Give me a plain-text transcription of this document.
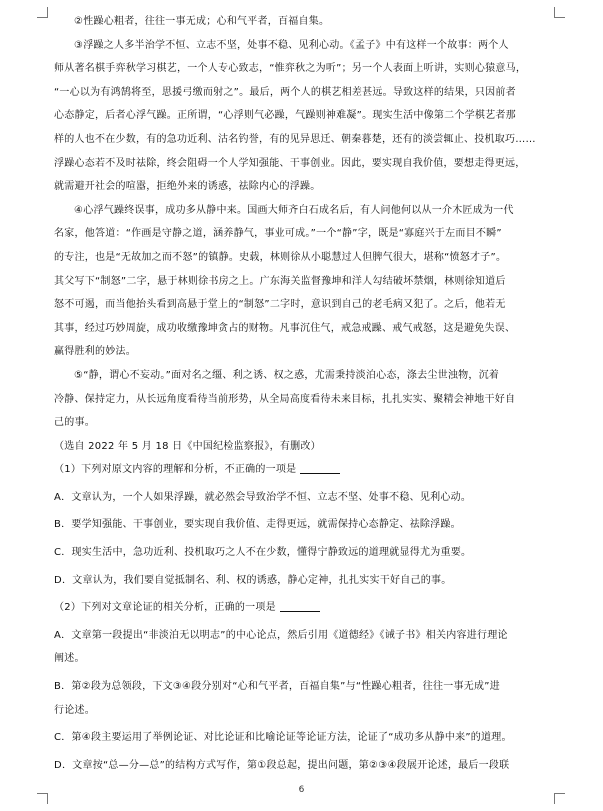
②性躁心粗者，往往一事无成；心和气平者，百福自集。
③浮躁之人多半治学不恒、立志不坚，处事不稳、见利心动。《孟子》中有这样一个故事：两个人
师从著名棋手弈秋学习棋艺，一个人专心致志，“惟弈秋之为听”；另一个人表面上听讲，实则心猿意马，
“一心以为有鸿鹄将至，思援弓缴而射之”。最后，两个人的棋艺相差甚远。导致这样的结果，只因前者
心态静定，后者心浮气躁。正所谓，“心浮则气必躁，气躁则神难凝”。现实生活中像第二个学棋艺者那
样的人也不在少数，有的急功近利、沽名钓誉，有的见异思迁、朝秦暮楚，还有的淡尝辄止、投机取巧……
浮躁心态若不及时祛除，终会阻碍一个人学知强能、干事创业。因此，要实现自我价值，要想走得更远，
就需避开社会的喧嚣，拒绝外来的诱惑，祛除内心的浮躁。
④心浮气躁终误事，成功多从静中来。国画大师齐白石成名后，有人问他何以从一介木匠成为一代
名家，他答道：“作画是守静之道，涵养静气，事业可成。”一个“静”字，既是“寡庭兴于左而目不瞬”
的专注，也是“无故加之而不怒”的镇静。史载，林则徐从小聪慧过人但脾气很大，堪称“愤怒才子”。
其父写下“制怒”二字，悬于林则徐书房之上。广东海关监督豫坤和洋人勾结破坏禁烟，林则徐知道后
怒不可遏，而当他抬头看到高悬于堂上的“制怒”二字时，意识到自己的老毛病又犯了。之后，他若无
其事，经过巧妙周旋，成功收缴豫坤贪占的财物。凡事沉住气，戒急戒躁、戒气戒怒，这是避免失误、
赢得胜利的妙法。
⑤“静，谓心不妄动。”面对名之缰、利之诱、权之惑，尤需秉持淡泊心态，涤去尘世浊物，沉着
冷静、保持定力，从长远角度看待当前形势，从全局高度看待未来目标，扎扎实实、聚精会神地干好自
己的事。
（选自 2022 年 5 月 18 日《中国纪检监察报》，有删改）
（1）下列对原文内容的理解和分析，不正确的一项是
A．文章认为，一个人如果浮躁，就必然会导致治学不恒、立志不坚、处事不稳、见利心动。
B．要学知强能、干事创业，要实现自我价值、走得更远，就需保持心态静定、祛除浮躁。
C．现实生活中，急功近利、投机取巧之人不在少数，懂得宁静致远的道理就显得尤为重要。
D．文章认为，我们要自觉抵制名、利、权的诱惑，静心定神，扎扎实实干好自己的事。
（2）下列对文章论证的相关分析，正确的一项是
A．文章第一段提出“非淡泊无以明志”的中心论点，然后引用《道德经》《诫子书》相关内容进行理论
阐述。
B．第②段为总领段，下文③④段分别对“心和气平者，百福自集”与“性躁心粗者，往往一事无成”进
行论述。
C．第④段主要运用了举例论证、对比论证和比喻论证等论证方法，论证了“成功多从静中来”的道理。
D．文章按“总—分—总”的结构方式写作，第①段总起，提出问题，第②③④段展开论述，最后一段联
6
